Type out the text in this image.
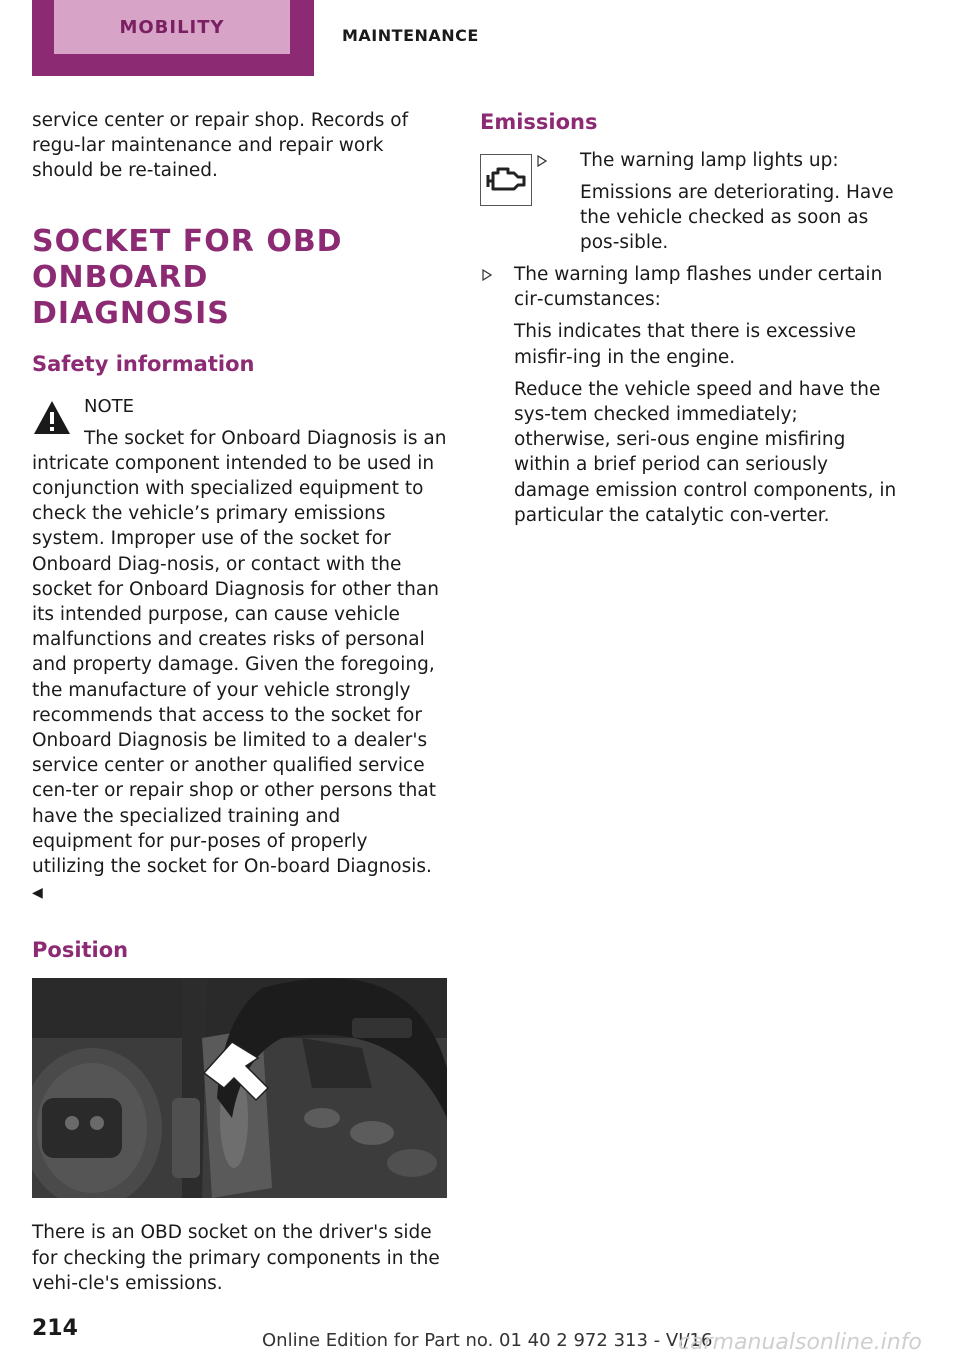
MOBILITY	MAINTENANCE

service center or repair shop. Records of regu‐lar maintenance and repair work should be re‐tained.

SOCKET FOR OBD ONBOARD
DIAGNOSIS
Safety information
NOTE

The socket for Onboard Diagnosis is an

intricate component intended to be used in conjunction with specialized equipment to check the vehicle’s primary emissions system. Improper use of the socket for Onboard Diag‐nosis, or contact with the socket for Onboard Diagnosis for other than its intended purpose, can cause vehicle malfunctions and creates risks of personal and property damage. Given the foregoing, the manufacture of your vehicle strongly recommends that access to the socket for Onboard Diagnosis be limited to a dealer's service center or another qualified service cen‐ter or repair shop or other persons that have the specialized training and equipment for pur‐poses of properly utilizing the socket for On‐board Diagnosis. ◀

Position

There is an OBD socket on the driver's side for checking the primary components in the vehi‐cle's emissions.

Emissions

The warning lamp lights up:

Emissions are deteriorating. Have the vehicle checked as soon as pos‐sible.

The warning lamp flashes under certain cir‐cumstances:

This indicates that there is excessive misfir‐ing in the engine.

Reduce the vehicle speed and have the sys‐tem checked immediately; otherwise, seri‐ous engine misfiring within a brief period can seriously damage emission control components, in particular the catalytic con‐verter.

214	Online Edition for Part no. 01 40 2 972 313 - VI/16
carmanualsonline.info
